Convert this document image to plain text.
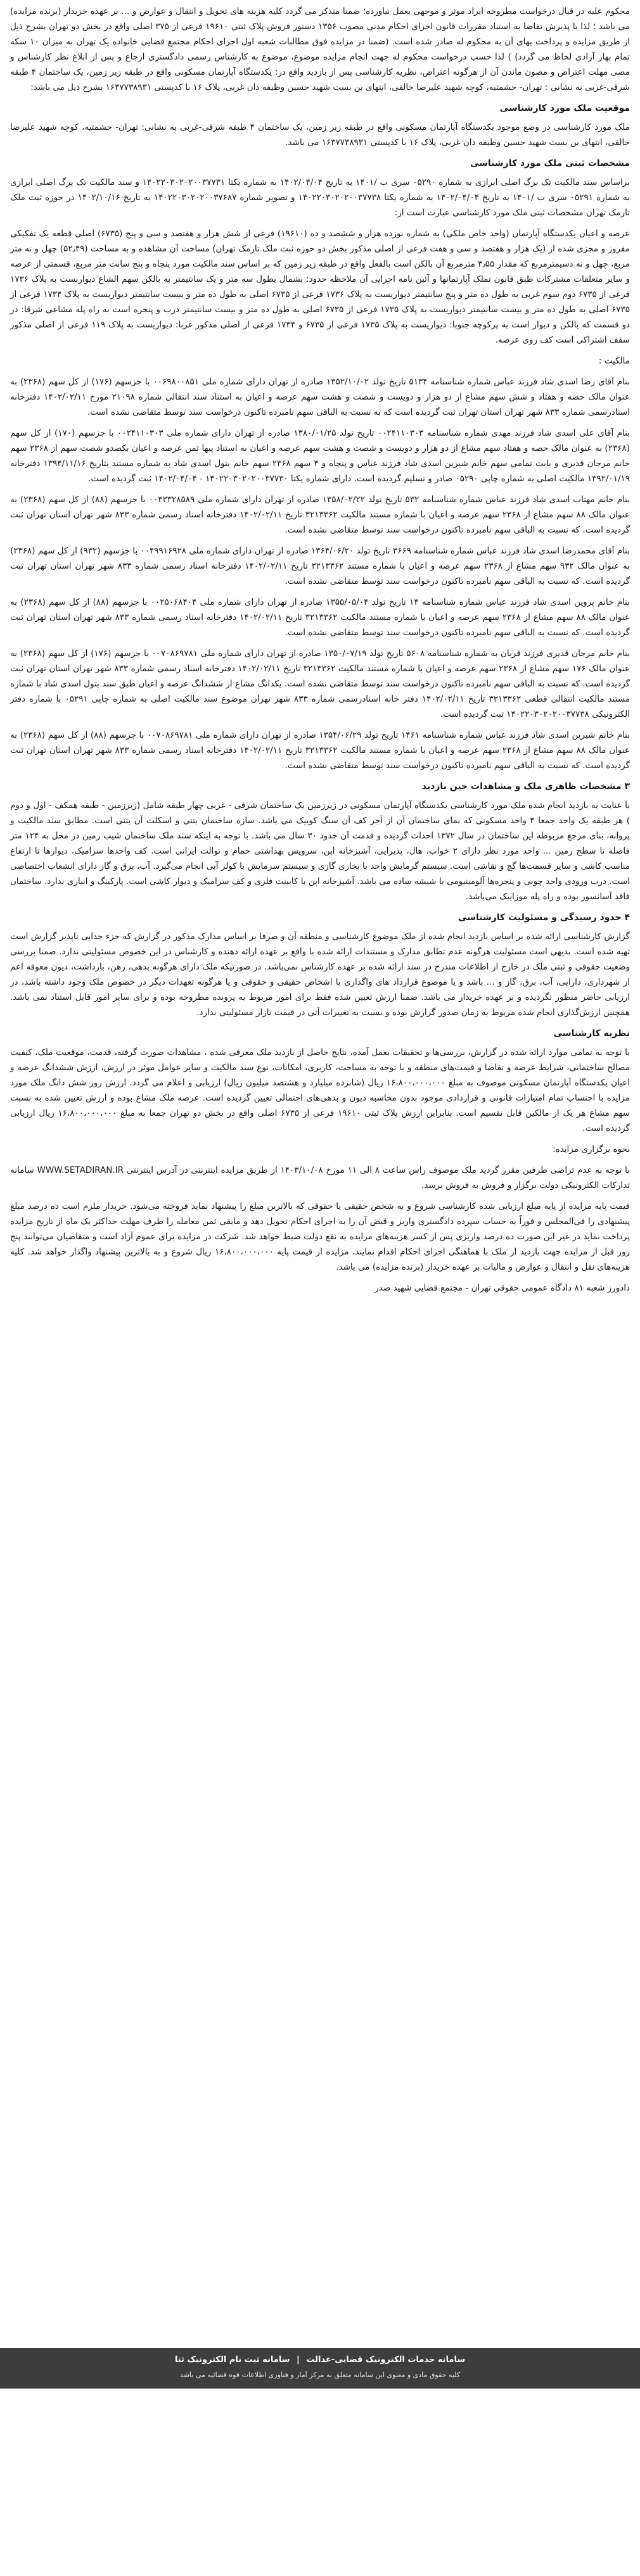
محکوم علیه در قبال درخواست مطروحه ایراد موثر و موجهی بعمل نیاورده؛ ضمنا متذکر می گردد کلیه هزینه های تحویل و انتقال و عوارض و ... بر عهده خریدار (برنده مزایده) می باشد ؛ لذا با پذیرش تقاضا به استناد مقررات قانون اجرای احکام مدنی مصوب ۱۳۵۶ دستور فروش پلاک ثبتی ۱۹۶۱۰ فرعی از ۳۷۵ اصلی واقع در بخش دو تهران بشرح ذیل از طریق مزایده و پرداخت بهای آن به محکوم له صادر شده است. (ضمنا در مزایده فوق مطالبات شعبه اول اجرای احکام مجتمع قضایی خانواده یک تهران به میزان ۱۰ سکه تمام بهار آزادی لحاظ می گردد) ) لذا حسب درخواست محکوم له جهت انجام مزایده موضوع، موضوع به کارشناس رسمی دادگستری ارجاع و پس از ابلاغ نظر کارشناس و مضی مهلت اعتراض و مصون ماندن آن از هرگونه اعتراض، نظریه کارشناسی پس از بازدید واقع در: یکدستگاه آپارتمان مسکونی واقع در طبقه زیر زمین، یک ساختمان ۴ طبقه شرقی-غربی به نشانی : تهران- حشمتیه، کوچه شهید علیرضا خالقی، انتهای بن بست شهید حسین وظیفه دان غربی، پلاک ۱۶ با کدپستی ۱۶۳۷۷۳۸۹۳۱ بشرح ذیل می باشد:

موقعیت ملک مورد کارشناسی

ملک مورد کارشناسی در وضع موجود یکدستگاه آپارتمان مسکونی واقع در طبقه زیر زمین، یک ساختمان ۴ طبقه شرقی-غربی به نشانی: تهران- حشمتیه، کوچه شهید علیرضا خالقی، انتهای بن بست شهید حسین وظیفه دان غربی، پلاک ۱۶ با کدپستی ۱۶۳۷۷۳۸۹۳۱ می باشد.

مشخصات ثبتی ملک مورد کارشناسی

براساس سند مالکیت تک برگ اصلی ابرازی به شماره ۰۵۲۹۰ سری ب /۱۴۰۱ به تاریخ ۱۴۰۲/۰۴/۰۴ به شماره یکتا ۱۴۰۲۲۰۳۰۲۰۲۰۰۳۷۷۳۱ و سند مالکیت تک برگ اصلی ابرازی به شماره ۰۵۲۹۱ سری ب /۱۴۰۱ به تاریخ ۱۴۰۲/۰۴/۰۴ به شماره یکتا ۱۴۰۲۲۰۳۰۲۰۲۰۰۳۷۷۳۸ و تصویر شماره ۱۴۰۲۲۰۳۰۲۰۲۰۰۳۷۶۸۷ به تاریخ ۱۴۰۲/۱۰/۱۶ در حوزه ثبت ملک تارمک تهران مشخصات ثبتی ملک مورد کارشناسی عبارت است از:

عرصه و اعیان یکدستگاه آپارتمان (واحد خاص ملکی) به شماره نوزده هزار و ششصد و ده (۱۹۶۱۰) فرعی از شش هزار و هفتصد و سی و پنج (۶۷۳۵) اصلی قطعه یک تفکیکی مفروز و مجزی شده از (یک هزار و هفتصد و سی و هفت فرعی از اصلی مذکور بخش دو حوزه ثبت ملک تارمک تهران) مساحت آن مشاهده و به مساحت (۵۲٫۴۹) چهل و نه متر مربع، چهل و نه دسیمترمربع که مقدار ۳٫۵۵ مترمربع آن بالکن است بالفعل واقع در طبقه زیر زمین که بر اساس سند مالکیت مورد پنجاه و پنج سانت متر مربع، قسمتی از عرصه و سایر متعلقات مشترکات طبق قانون تملک آپارتمانها و آئین نامه اجرایی آن ملاحظه حدود: بشمال بطول سه متر و یک سانتیمتر به بالکن سهم الشاع دیواربست به پلاک ۱۷۳۶ فرعی از ۶۷۳۵ دوم سوم غربی به طول ده متر و پنج سانتیمتر دیواریست به پلاک ۱۷۳۶ فرعی از ۶۷۳۵ اصلی به طول ده متر و بیست سانتیمتر دیواریست به پلاک ۱۷۳۴ فرعی از ۶۷۳۵ اصلی به طول ده متر و بیست سانتیمتر دیواریست به پلاک ۱۷۳۵ فرعی از ۶۷۳۵ اصلی به طول ده متر و بیست سانتیمتر درب و پنجره است به راه پله مشاعی شرقا: در دو قسمت که بالکن و دیوار است به پرکوچه جنوبا: دیواریست به پلاک ۱۷۳۵ فرعی از ۶۷۳۵ و ۱۷۳۴ فرعی از اصلی مذکور غربا: دیواریست به پلاک ۱۱۹ فرعی از اصلی مذکور سقف اشتراکی است کف روی عرصه.

مالکیت :

بنام آقای رضا اسدی شاد فرزند عباس شماره شناسنامه ۵۱۳۴ تاریخ تولد ۱۳۵۲/۱۰/۰۲ صادره از تهران دارای شماره ملی ۰۰۶۹۸۰۰۸۵۱ با جزسهم (۱۷۶) از کل سهم (۲۳۶۸) به عنوان مالک حصه و هفتاد و شش سهم مشاع از دو هزار و دویست و شصت و هشت سهم عرصه و اعیان به استناد سند انتقالی شماره ۲۱۰۹۸ مورخ ۱۴۰۲/۰۲/۱۱ دفترخانه اسنادرسمی شماره ۸۳۳ شهر تهران استان تهران ثبت گردیده است که به نسبت به الباقی سهم نامبرده تاکنون درخواست سند توسط متقاضی نشده است.

بنام آقای علی اسدی شاد فرزند مهدی شماره شناسنامه ۰۰۲۴۱۱۰۳۰۳ تاریخ تولد ۱۳۸۰/۰۱/۲۵ صادره از تهران دارای شماره ملی ۰۰۲۴۱۱۰۳۰۳ با جزسهم (۱۷۰) از کل سهم (۲۳۶۸) به عنوان مالک حصه و هفتاد سهم مشاع از دو هزار و دویست و شصت و هشت سهم عرصه و اعیان به استناد پیها ثمن عرصه و اعیان بکصدو شصت سهم از ۲۳۶۸ سهم خانم مرجان قدیری و بابت تمامی سهم خانم شیرین اسدی شاد فرزند عباس و پنجاه و ۴ سهم ۲۳۶۸ سهم خانم بتول اسدی شاد به شماره مستند بتاریخ ۱۳۹۴/۱۱/۱۶ دفترخانه ۱۳۹۲/۰۱/۱۹ مالکیت اصلی به شماره چاپی ۰۵۲۹۰ صادر و تسلیم گردیده است. دارای شماره یکتا ۱۴۰۲۲۰۳۰۲۰۲۰۰۳۷۷۳۰ - ۱۴۰۲/۰۴/۰۴ ثبت گردیده است.

بنام خانم مهتاب اسدی شاد فرزند عباس شماره شناسنامه ۵۳۲ تاریخ تولد ۱۳۵۸/۰۲/۲۲ صادره از تهران دارای شماره ملی ۰۰۴۳۳۲۸۵۸۹ با جزسهم (۸۸) از کل سهم (۲۳۶۸) به عنوان مالک ۸۸ سهم مشاع از ۲۳۶۸ سهم عرصه و اعیان با شماره مستند مالکیت ۳۲۱۳۳۶۲ تاریخ ۱۴۰۲/۰۲/۱۱ دفترخانه اسناد رسمی شماره ۸۳۳ شهر تهران استان تهران ثبت گردیده است. که نسبت به الباقی سهم نامبرده تاکنون درخواست سند توسط متقاضی نشده است.

بنام آقای محمدرضا اسدی شاد فرزند عباس شماره شناسنامه ۳۶۶۹ تاریخ تولد ۱۳۶۴/۰۶/۲۰ صادره از تهران دارای شماره ملی ۰۰۴۹۹۱۶۹۲۸ با جزسهم (۹۳۲) از کل سهم (۲۳۶۸) به عنوان مالک ۹۳۲ سهم مشاع از ۲۳۶۸ سهم عرصه و اعیان با شماره مستند ۳۲۱۳۳۶۲ تاریخ ۱۴۰۲/۰۲/۱۱ دفترخانه اسناد رسمی شماره ۸۳۳ شهر تهران استان تهران ثبت گردیده است. که نسبت به الباقی سهم نامبرده تاکنون درخواست سند توسط متقاضی نشده است.

بنام خانم پروین اسدی شاد فرزند عباس شماره شناسنامه ۱۴ تاریخ تولد ۱۳۵۵/۰۵/۰۴ صادره از تهران دارای شماره ملی ۰۰۲۵۰۶۸۴۰۴ با جزسهم (۸۸) از کل سهم (۲۳۶۸) به عنوان مالک ۸۸ سهم مشاع از ۲۳۶۸ سهم عرصه و اعیان با شماره مستند مالکیت ۳۲۱۳۳۶۲ تاریخ ۱۴۰۲/۰۲/۱۱ دفترخانه اسناد رسمی شماره ۸۳۳ شهر تهران استان تهران ثبت گردیده است. که نسبت به الباقی سهم نامبرده تاکنون درخواست سند توسط متقاضی نشده است.

بنام خانم مرجان قدیری فرزند قربان به شماره شناسنامه ۵۶۰۸ تاریخ تولد ۱۳۵۰/۰۷/۱۹ صادره از تهران دارای شماره ملی ۰۰۷۰۸۶۹۷۸۱ با جزسهم (۱۷۶) از کل سهم (۲۳۶۸) به عنوان مالک ۱۷۶ سهم مشاع از ۲۳۶۸ سهم عرصه و اعیان با شماره مستند مالکیت ۳۲۱۳۳۶۲ تاریخ ۱۴۰۲/۰۲/۱۱ دفترخانه اسناد رسمی شماره ۸۳۳ شهر تهران استان تهران ثبت گردیده است. که نسبت به الباقی سهم نامبرده تاکنون درخواست سند توسط متقاضی نشده است. یکدانگ مشاع از ششدانگ عرصه و اعیان طبق سند بتول اسدی شاد با شماره مستند مالکیت انتقالی قطعی ۳۲۱۳۳۶۲ تاریخ ۱۴۰۲/۰۲/۱۱ دفتر خانه اسنادرسمی شماره ۸۳۳ شهر تهران موضوع سند مالکیت اصلی به شماره چاپی ۰۵۲۹۱ با شماره دفتر الکترونیکی ۱۴۰۲۲۰۳۰۲۰۲۰۰۳۷۷۳۸ ثبت گردیده است.

بنام خانم شیرین اسدی شاد فرزند عباس شماره شناسنامه ۱۴۶۱ تاریخ تولد ۱۳۵۴/۰۶/۲۹ صادره از تهران دارای شماره ملی ۰۰۷۰۸۶۹۷۸۱ با جزسهم (۸۸) از کل سهم (۲۳۶۸) به عنوان مالک ۸۸ سهم مشاع از ۲۳۶۸ سهم عرصه و اعیان با شماره مستند مالکیت ۳۲۱۳۳۶۲ تاریخ ۱۴۰۲/۰۲/۱۱ دفترخانه اسناد رسمی شماره ۸۳۳ شهر تهران استان تهران ثبت گردیده است. که نسبت به الباقی سهم نامبرده تاکنون درخواست سند توسط متقاضی نشده است.

۳ مشخصات ظاهری ملک و مشاهدات حین بازدید

با عنایت به بازدید انجام شده ملک مورد کارشناسی یکدستگاه آپارتمان مسکونی در زیرزمین یک ساختمان شرقی - غربی چهار طبقه شامل (زیرزمین - طبقه همکف - اول و دوم ) هر طبقه یک واحد جمعا ۴ واحد مسکونی که نمای ساختمان آن از آجر کف آن سنگ کوبیک می باشد. سازه ساختمان بتنی و اسکلت آن بتنی است. مطابق سند مالکیت و پروانه، بنای مرجع مربوطه این ساختمان در سال ۱۳۷۲ احداث گردیده و قدمت آن حدود ۳۰ سال می باشد. با توجه به اینکه سند ملک ساختمان شیب زمین در محل به ۱۲۴ متر فاصله تا سطح زمین ... واحد مورد نظر دارای ۲ خواب، هال، پذیرایی، آشپزخانه اپن، سرویس بهداشتی حمام و توالت ایرانی است. کف واحدها سرامیک، دیوارها تا ارتفاع مناسب کاشی و سایر قسمت‌ها گچ و نقاشی است. سیستم گرمایش واحد با بخاری گازی و سیستم سرمایش با کولر آبی انجام می‌گیرد. آب، برق و گاز دارای انشعاب اختصاصی است. درب ورودی واحد چوبی و پنجره‌ها آلومینیومی با شیشه ساده می باشد. آشپزخانه اپن با کابینت فلزی و کف سرامیک و دیوار کاشی است. پارکینگ و انباری ندارد. ساختمان فاقد آسانسور بوده و راه پله موزاییک می‌باشد.

۴ حدود رسیدگی و مسئولیت کارشناسی

گزارش کارشناسی ارائه شده بر اساس بازدید انجام شده از ملک موضوع کارشناسی و منطقه آن و صرفا بر اساس مدارک مذکور در گزارش که جزء جدایی ناپذیر گزارش است تهیه شده است. بدیهی است مسئولیت هرگونه عدم تطابق مدارک و مستندات ارائه شده با واقع بر عهده ارائه دهنده و کارشناس در این خصوص مسئولیتی ندارد. ضمنا بررسی وضعیت حقوقی و ثبتی ملک در خارج از اطلاعات مندرج در سند ارائه شده بر عهده کارشناس نمی‌باشد. در صورتیکه ملک دارای هرگونه بدهی، رهن، بازداشت، دیون معوقه اعم از شهرداری، دارایی، آب، برق، گاز و ... باشد و یا موضوع قرارداد های واگذاری با اشخاص حقیقی و حقوقی و یا هرگونه تعهدات دیگر در خصوص ملک وجود داشته باشد، در ارزیابی حاضر منظور نگردیده و بر عهده خریدار می باشد. ضمنا ارزش تعیین شده فقط برای امور مربوط به پرونده مطروحه بوده و برای سایر امور قابل استناد نمی باشد. همچنین ارزش‌گذاری انجام شده مربوط به زمان صدور گزارش بوده و نسبت به تغییرات آتی در قیمت بازار مسئولیتی ندارد.

نظریه کارشناسی

با توجه به تمامی موارد ارائه شده در گزارش، بررسی‌ها و تحقیقات بعمل آمده، نتایج حاصل از بازدید ملک معرفی شده ، مشاهدات صورت گرفته، قدمت، موقعیت ملک، کیفیت مصالح ساختمانی، شرایط عرضه و تقاضا و قیمت‌های منطقه و با توجه به مساحت، کاربری، امکانات، نوع سند مالکیت و سایر عوامل موثر در ارزش، ارزش ششدانگ عرصه و اعیان یکدستگاه آپارتمان مسکونی موصوف به مبلغ ۱۶،۸۰۰،۰۰۰،۰۰۰ ریال (شانزده میلیارد و هشتصد میلیون ریال) ارزیابی و اعلام می گردد. ارزش روز شش دانگ ملک مورد مزایده با احتساب تمام امتیازات قانونی و قراردادی موجود بدون محاسبه دیون و بدهی‌های احتمالی تعیین گردیده است. عرصه ملک مشاع بوده و ارزش تعیین شده به نسبت سهم مشاع هر یک از مالکین قابل تقسیم است. بنابراین ارزش پلاک ثبتی ۱۹۶۱۰ فرعی از ۶۷۳۵ اصلی واقع در بخش دو تهران جمعا به مبلغ ۱۶،۸۰۰،۰۰۰،۰۰۰ ریال ارزیابی گردیده است.

نحوه برگزاری مزایده:

با توجه به عدم تراضی طرفین مقرر گردید ملک موصوف راس ساعت ۸ الی ۱۱ مورخ ۱۴۰۳/۱۰/۰۸ از طریق مزایده اینترنتی در آدرس اینترنتی WWW.SETADIRAN.IR سامانه تدارکات الکترونیکی دولت برگزار و فروش به فروش برسد.

قیمت پایه مزایده از پایه مبلغ ارزیابی شده کارشناسی شروع و به شخص حقیقی یا حقوقی که بالاترین مبلغ را پیشنهاد نماید فروخته می‌شود. خریدار ملزم است ده درصد مبلغ پیشنهادی را فی‌المجلس و فوراً به حساب سپرده دادگستری واریز و قبض آن را به اجرای احکام تحویل دهد و مابقی ثمن معامله را ظرف مهلت حداکثر یک ماه از تاریخ مزایده پرداخت نماید در غیر این صورت ده درصد واریزی پس از کسر هزینه‌های مزایده به نفع دولت ضبط خواهد شد. شرکت در مزایده برای عموم آزاد است و متقاضیان می‌توانند پنج روز قبل از مزایده جهت بازدید از ملک با هماهنگی اجرای احکام اقدام نمایند. مزایده از قیمت پایه ۱۶،۸۰۰،۰۰۰،۰۰۰ ریال شروع و به بالاترین پیشنهاد واگذار خواهد شد. کلیه هزینه‌های نقل و انتقال و عوارض و مالیات بر عهده خریدار (برنده مزایده) می باشد.

دادورز شعبه ۸۱ دادگاه عمومی حقوقی تهران - مجتمع قضایی شهید صدر

سامانه خدمات الکترونیک قضایی-عدالت | سامانه ثبت نام الکترونیک ثنا
کلیه حقوق مادی و معنوی این سامانه متعلق به مرکز آمار و فناوری اطلاعات قوه قضائیه می باشد
